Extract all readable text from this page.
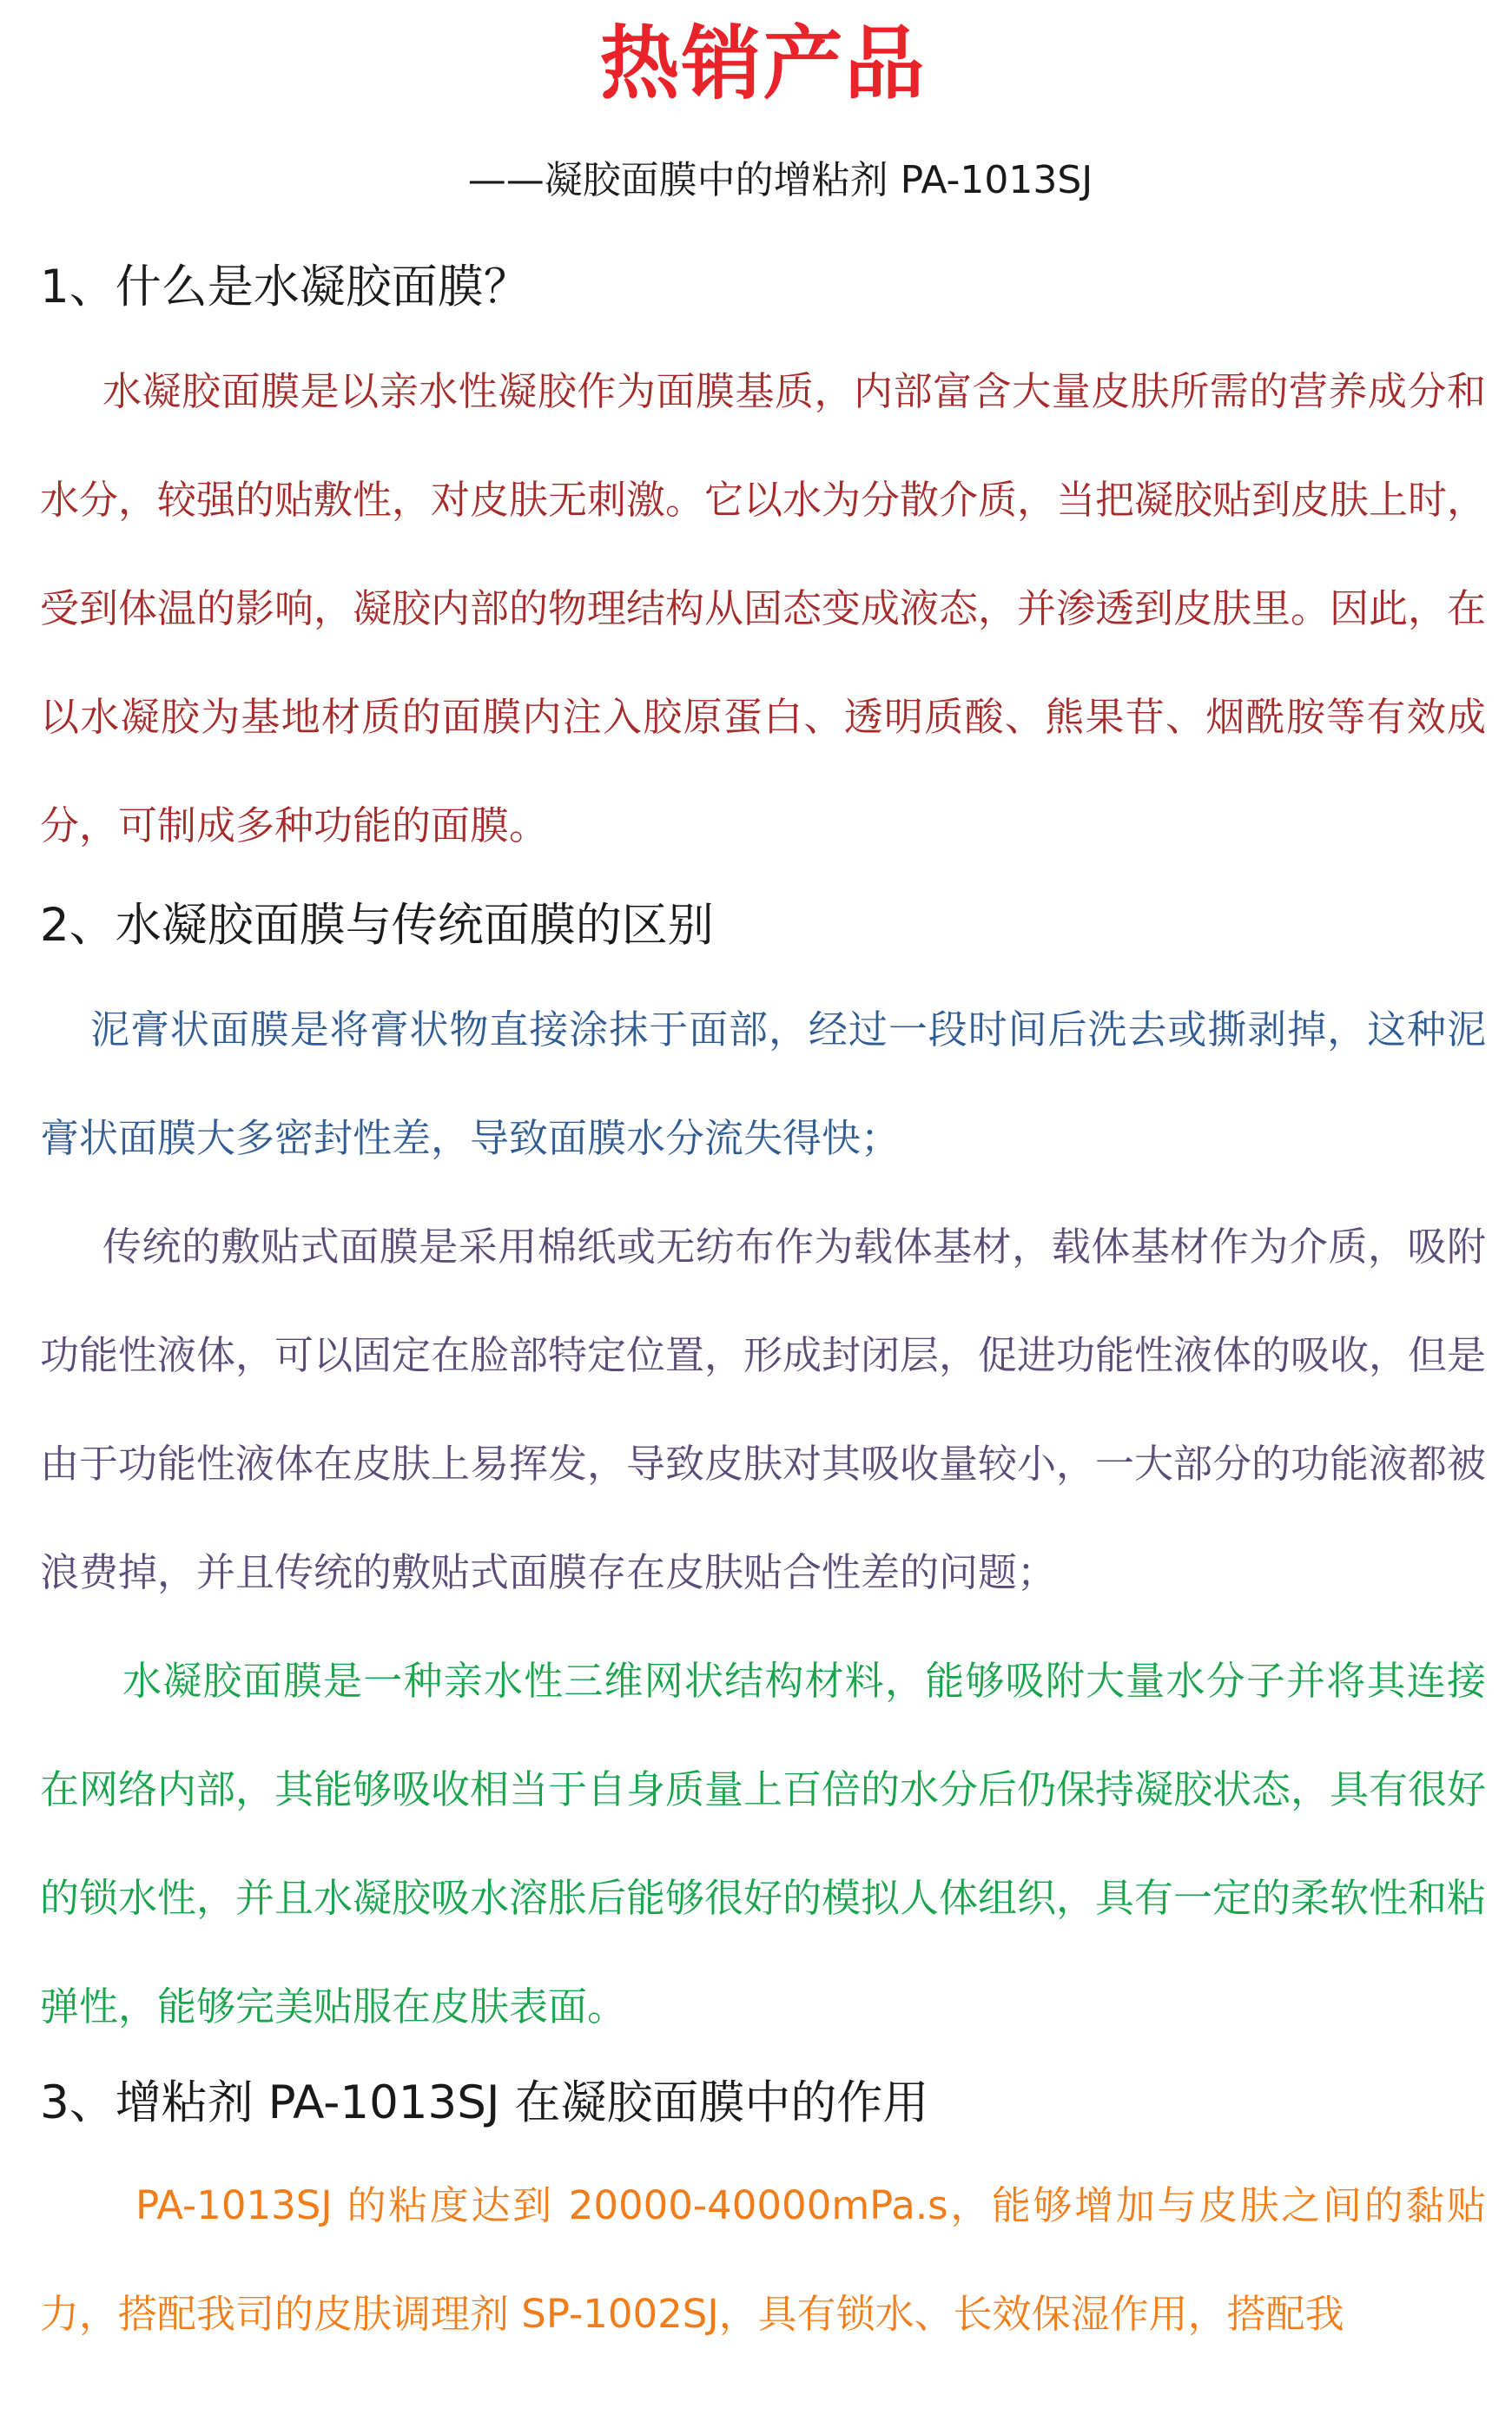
热销产品
——凝胶面膜中的增粘剂 PA-1013SJ
1、什么是水凝胶面膜？

水凝胶面膜是以亲水性凝胶作为面膜基质，内部富含大量皮肤所需的营养成分和水分，较强的贴敷性，对皮肤无刺激。它以水为分散介质，当把凝胶贴到皮肤上时，受到体温的影响，凝胶内部的物理结构从固态变成液态，并渗透到皮肤里。因此，在以水凝胶为基地材质的面膜内注入胶原蛋白、透明质酸、熊果苷、烟酰胺等有效成分，可制成多种功能的面膜。

2、水凝胶面膜与传统面膜的区别

泥膏状面膜是将膏状物直接涂抹于面部，经过一段时间后洗去或撕剥掉，这种泥膏状面膜大多密封性差，导致面膜水分流失得快；

传统的敷贴式面膜是采用棉纸或无纺布作为载体基材，载体基材作为介质，吸附功能性液体，可以固定在脸部特定位置，形成封闭层，促进功能性液体的吸收，但是由于功能性液体在皮肤上易挥发，导致皮肤对其吸收量较小，一大部分的功能液都被浪费掉，并且传统的敷贴式面膜存在皮肤贴合性差的问题；

水凝胶面膜是一种亲水性三维网状结构材料，能够吸附大量水分子并将其连接在网络内部，其能够吸收相当于自身质量上百倍的水分后仍保持凝胶状态，具有很好的锁水性，并且水凝胶吸水溶胀后能够很好的模拟人体组织，具有一定的柔软性和粘弹性，能够完美贴服在皮肤表面。

3、增粘剂 PA-1013SJ 在凝胶面膜中的作用

PA-1013SJ 的粘度达到 20000-40000mPa.s，能够增加与皮肤之间的黏贴力，搭配我司的皮肤调理剂 SP-1002SJ，具有锁水、长效保湿作用，搭配我
